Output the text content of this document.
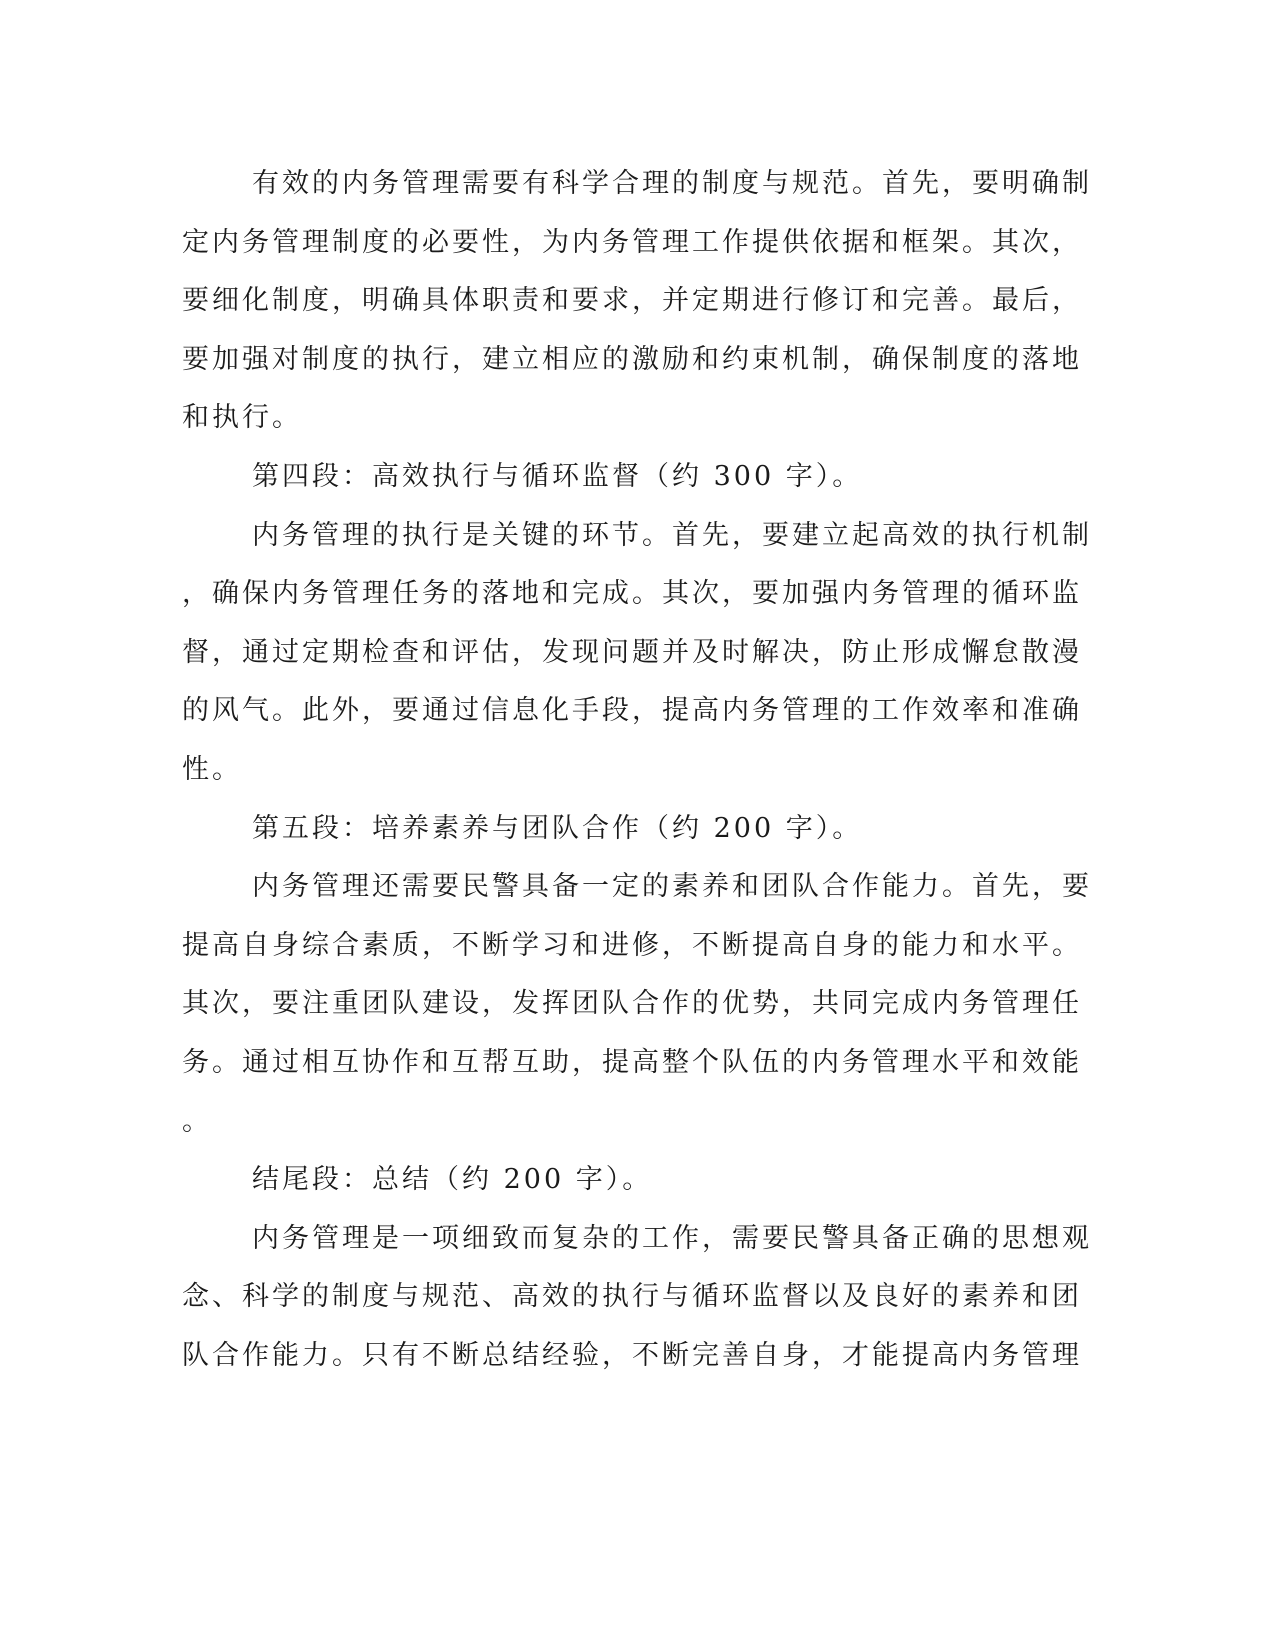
有效的内务管理需要有科学合理的制度与规范。首先，要明确制
定内务管理制度的必要性，为内务管理工作提供依据和框架。其次，
要细化制度，明确具体职责和要求，并定期进行修订和完善。最后，
要加强对制度的执行，建立相应的激励和约束机制，确保制度的落地
和执行。
第四段：高效执行与循环监督（约 300 字）。
内务管理的执行是关键的环节。首先，要建立起高效的执行机制
，确保内务管理任务的落地和完成。其次，要加强内务管理的循环监
督，通过定期检查和评估，发现问题并及时解决，防止形成懈怠散漫
的风气。此外，要通过信息化手段，提高内务管理的工作效率和准确
性。
第五段：培养素养与团队合作（约 200 字）。
内务管理还需要民警具备一定的素养和团队合作能力。首先，要
提高自身综合素质，不断学习和进修，不断提高自身的能力和水平。
其次，要注重团队建设，发挥团队合作的优势，共同完成内务管理任
务。通过相互协作和互帮互助，提高整个队伍的内务管理水平和效能
。
结尾段：总结（约 200 字）。
内务管理是一项细致而复杂的工作，需要民警具备正确的思想观
念、科学的制度与规范、高效的执行与循环监督以及良好的素养和团
队合作能力。只有不断总结经验，不断完善自身，才能提高内务管理
